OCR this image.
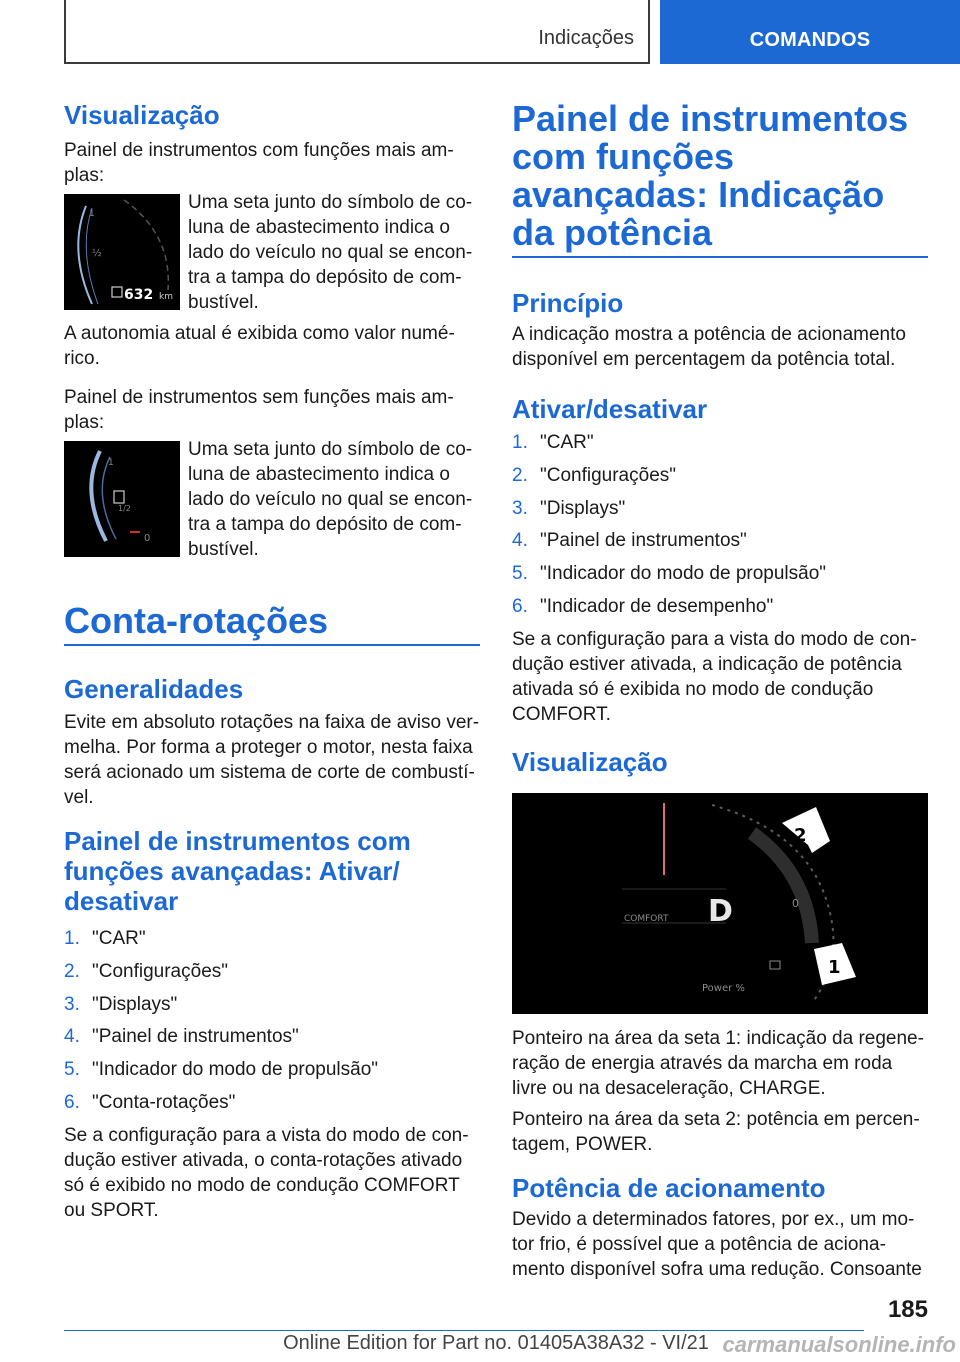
Indicações	COMANDOS
Visualização

Painel de instrumentos com funções mais am-plas:

1
½
632 km
Uma seta junto do símbolo de co-luna de abastecimento indica o lado do veículo no qual se encon-tra a tampa do depósito de com-bustível.

A autonomia atual é exibida como valor numé-rico.

Painel de instrumentos sem funções mais am-plas:

1
1/2
0
Uma seta junto do símbolo de co-luna de abastecimento indica o lado do veículo no qual se encon-tra a tampa do depósito de com-bustível.
Conta-rotações
Generalidades

Evite em absoluto rotações na faixa de aviso ver-melha. Por forma a proteger o motor, nesta faixa será acionado um sistema de corte de combustí-vel.

Painel de instrumentos com funções avançadas: Ativar/ desativar
1. "CAR"
2. "Configurações"
3. "Displays"
4. "Painel de instrumentos"
5. "Indicador do modo de propulsão"
6. "Conta-rotações"

Se a configuração para a vista do modo de con-dução estiver ativada, o conta-rotações ativado só é exibido no modo de condução COMFORT ou SPORT.

Painel de instrumentos com funções avançadas: Indicação da potência
Princípio

A indicação mostra a potência de acionamento disponível em percentagem da potência total.

Ativar/desativar
1. "CAR"
2. "Configurações"
3. "Displays"
4. "Painel de instrumentos"
5. "Indicador do modo de propulsão"
6. "Indicador de desempenho"

Se a configuração para a vista do modo de con-dução estiver ativada, a indicação de potência ativada só é exibida no modo de condução COMFORT.

Visualização
COMFORT D
Power %
0
2
1

Ponteiro na área da seta 1: indicação da regene-ração de energia através da marcha em roda livre ou na desaceleração, CHARGE.

Ponteiro na área da seta 2: potência em percen-tagem, POWER.

Potência de acionamento

Devido a determinados fatores, por ex., um mo-tor frio, é possível que a potência de aciona-mento disponível sofra uma redução. Consoante

185
Online Edition for Part no. 01405A38A32 - VI/21 carmanualsonline.info
